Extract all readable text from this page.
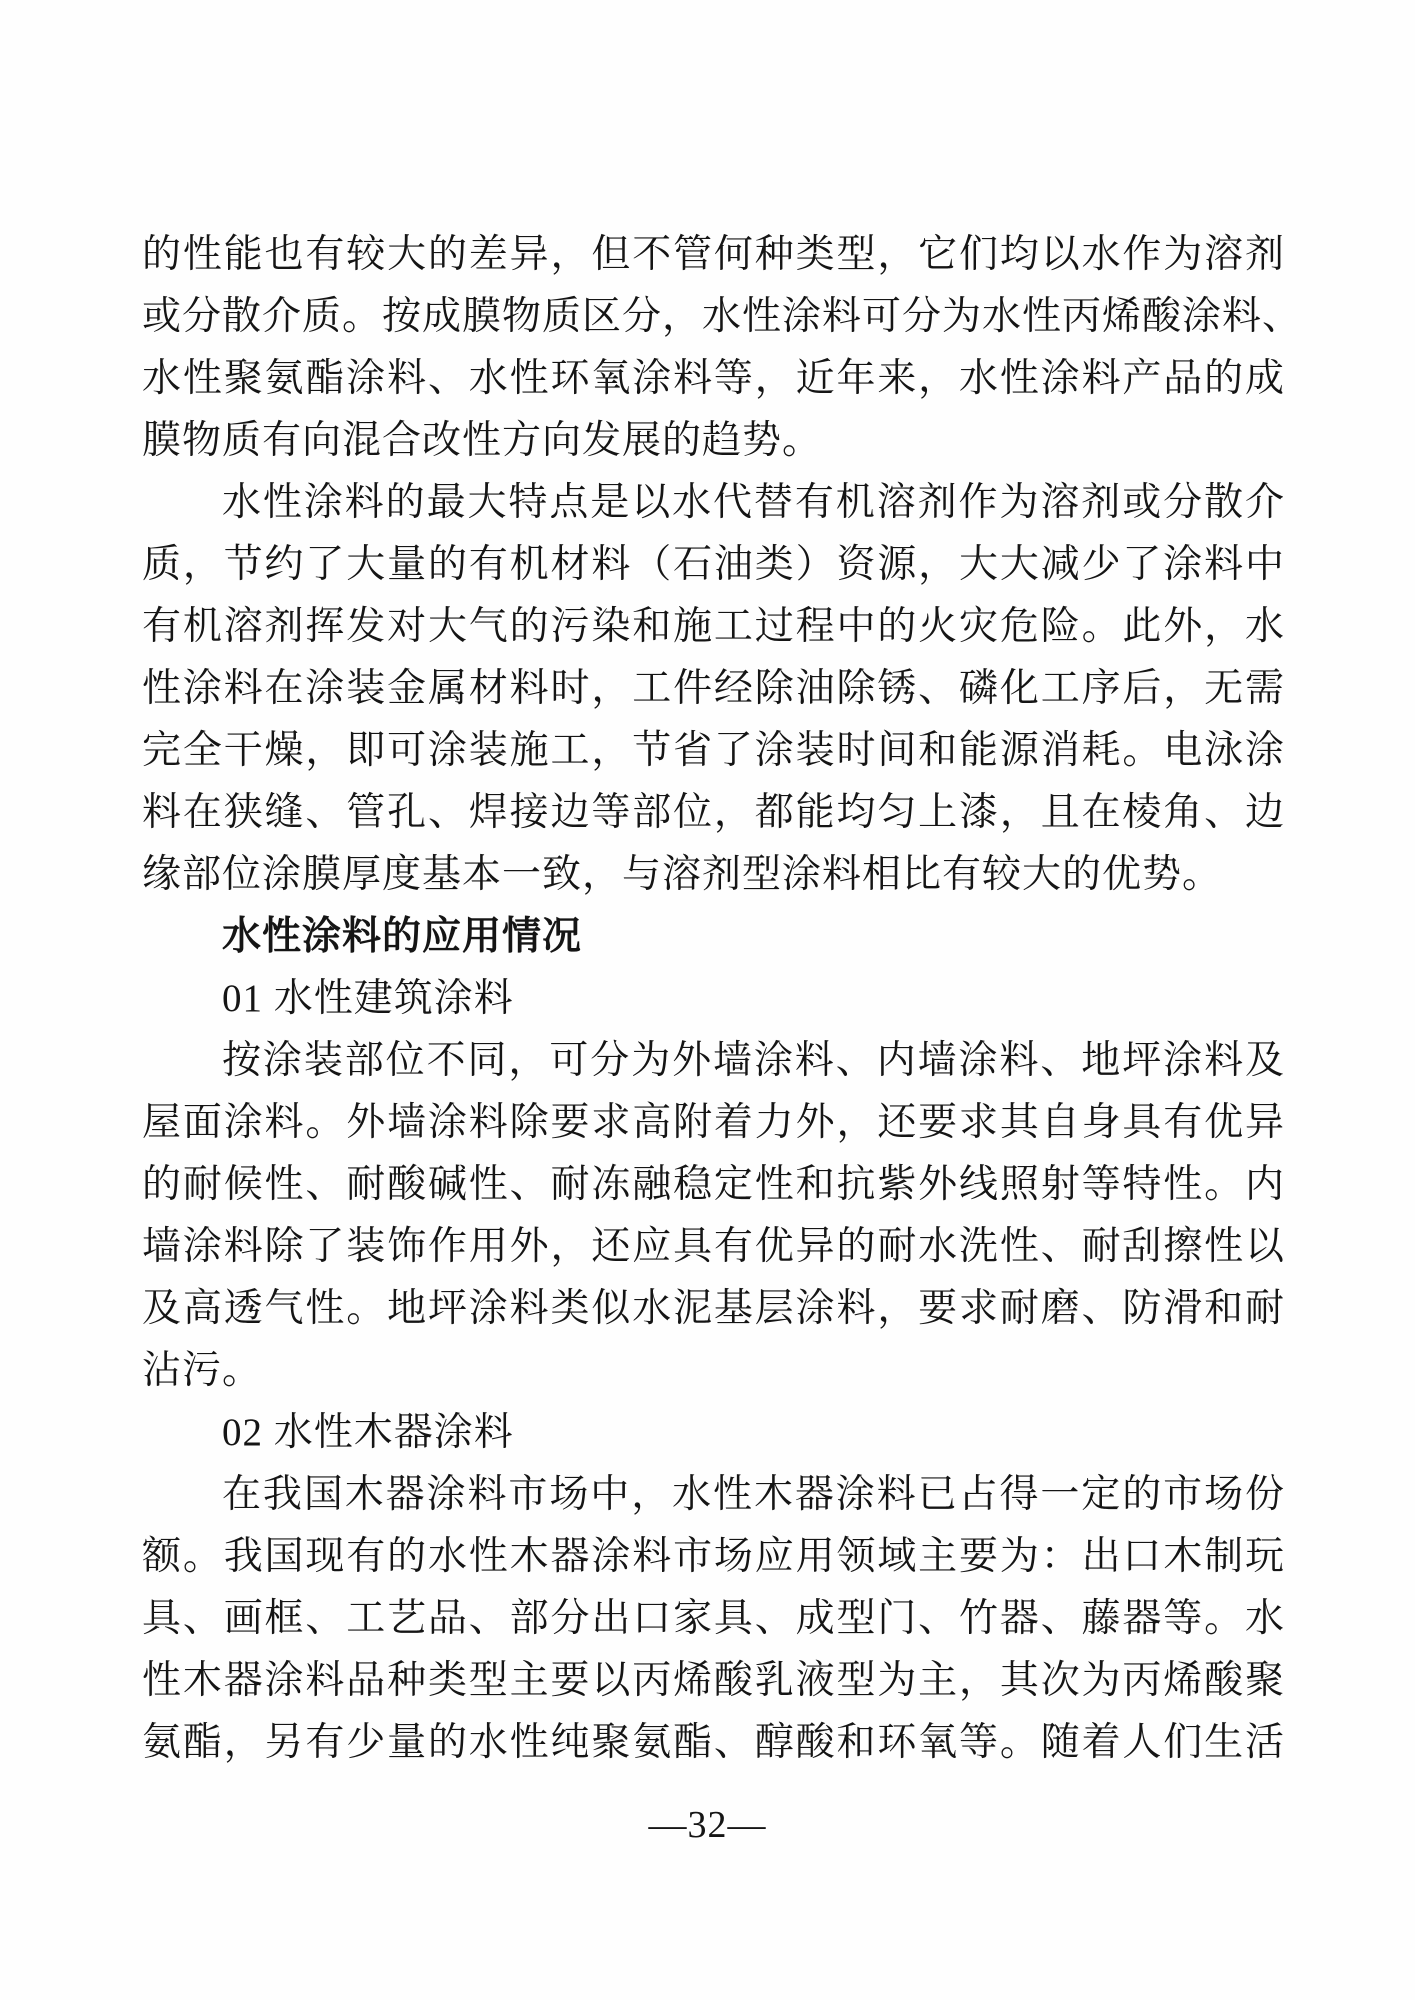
的性能也有较大的差异，但不管何种类型，它们均以水作为溶剂
或分散介质。按成膜物质区分，水性涂料可分为水性丙烯酸涂料、
水性聚氨酯涂料、水性环氧涂料等，近年来，水性涂料产品的成
膜物质有向混合改性方向发展的趋势。
水性涂料的最大特点是以水代替有机溶剂作为溶剂或分散介
质，节约了大量的有机材料（石油类）资源，大大减少了涂料中
有机溶剂挥发对大气的污染和施工过程中的火灾危险。此外，水
性涂料在涂装金属材料时，工件经除油除锈、磷化工序后，无需
完全干燥，即可涂装施工，节省了涂装时间和能源消耗。电泳涂
料在狭缝、管孔、焊接边等部位，都能均匀上漆，且在棱角、边
缘部位涂膜厚度基本一致，与溶剂型涂料相比有较大的优势。
水性涂料的应用情况
01 水性建筑涂料
按涂装部位不同，可分为外墙涂料、内墙涂料、地坪涂料及
屋面涂料。外墙涂料除要求高附着力外，还要求其自身具有优异
的耐候性、耐酸碱性、耐冻融稳定性和抗紫外线照射等特性。内
墙涂料除了装饰作用外，还应具有优异的耐水洗性、耐刮擦性以
及高透气性。地坪涂料类似水泥基层涂料，要求耐磨、防滑和耐
沾污。
02 水性木器涂料
在我国木器涂料市场中，水性木器涂料已占得一定的市场份
额。我国现有的水性木器涂料市场应用领域主要为：出口木制玩
具、画框、工艺品、部分出口家具、成型门、竹器、藤器等。水
性木器涂料品种类型主要以丙烯酸乳液型为主，其次为丙烯酸聚
氨酯，另有少量的水性纯聚氨酯、醇酸和环氧等。随着人们生活
—32—
